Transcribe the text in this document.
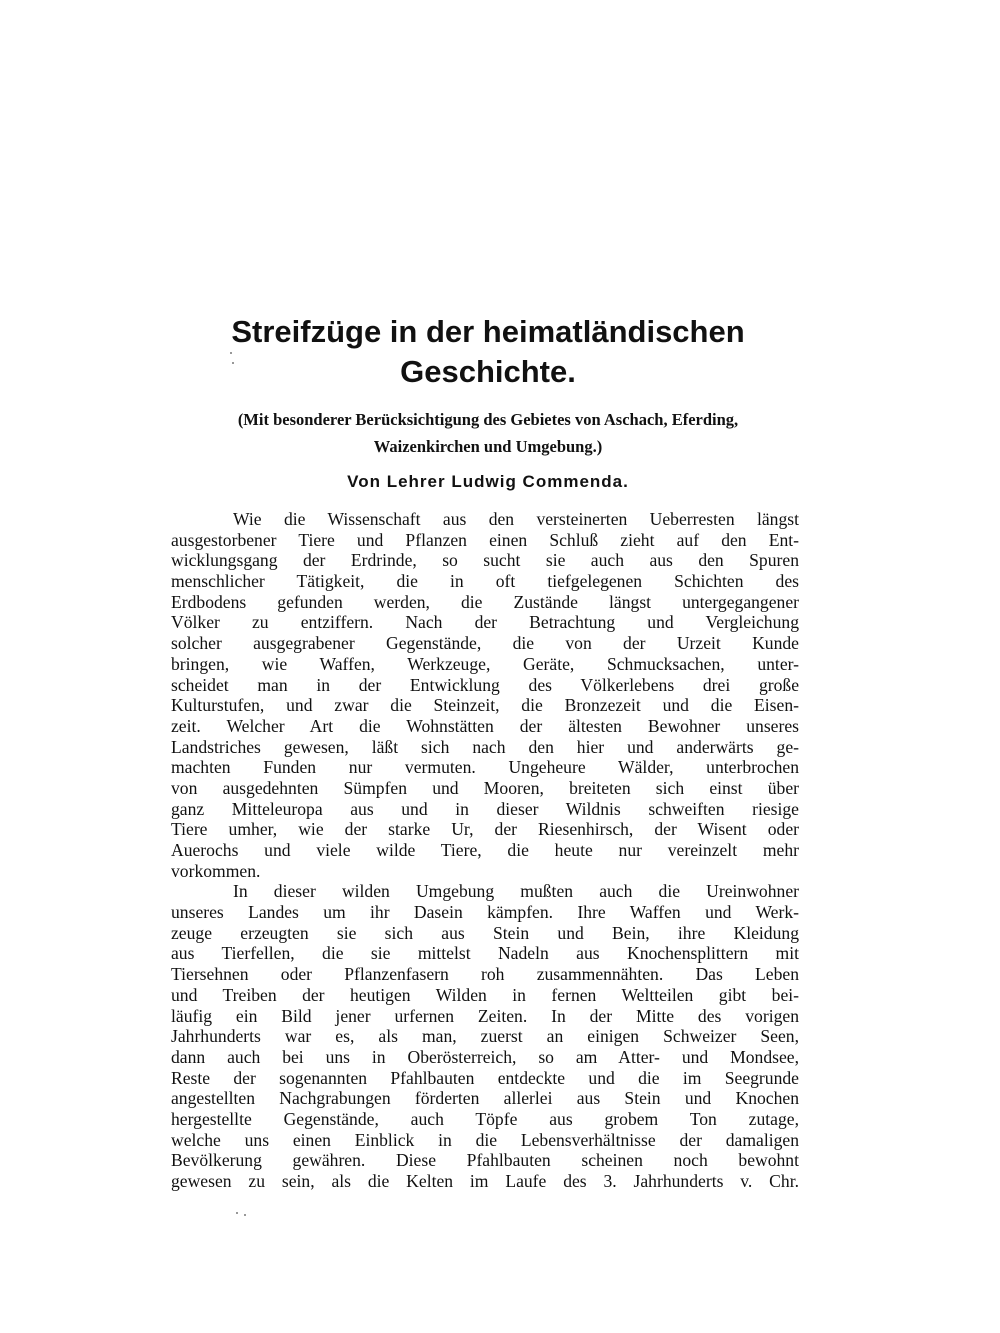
Streifzüge in der heimatländischen
Geschichte.
(Mit besonderer Berücksichtigung des Gebietes von Aschach, Eferding,
Waizenkirchen und Umgebung.)
Von Lehrer Ludwig Commenda.
Wie die Wissenschaft aus den versteinerten Ueberresten längst
ausgestorbener Tiere und Pflanzen einen Schluß zieht auf den Ent-
wicklungsgang der Erdrinde, so sucht sie auch aus den Spuren
menschlicher Tätigkeit, die in oft tiefgelegenen Schichten des
Erdbodens gefunden werden, die Zustände längst untergegangener
Völker zu entziffern. Nach der Betrachtung und Vergleichung
solcher ausgegrabener Gegenstände, die von der Urzeit Kunde
bringen, wie Waffen, Werkzeuge, Geräte, Schmucksachen, unter-
scheidet man in der Entwicklung des Völkerlebens drei große
Kulturstufen, und zwar die Steinzeit, die Bronzezeit und die Eisen-
zeit. Welcher Art die Wohnstätten der ältesten Bewohner unseres
Landstriches gewesen, läßt sich nach den hier und anderwärts ge-
machten Funden nur vermuten. Ungeheure Wälder, unterbrochen
von ausgedehnten Sümpfen und Mooren, breiteten sich einst über
ganz Mitteleuropa aus und in dieser Wildnis schweiften riesige
Tiere umher, wie der starke Ur, der Riesenhirsch, der Wisent oder
Auerochs und viele wilde Tiere, die heute nur vereinzelt mehr
vorkommen.
In dieser wilden Umgebung mußten auch die Ureinwohner
unseres Landes um ihr Dasein kämpfen. Ihre Waffen und Werk-
zeuge erzeugten sie sich aus Stein und Bein, ihre Kleidung
aus Tierfellen, die sie mittelst Nadeln aus Knochensplittern mit
Tiersehnen oder Pflanzenfasern roh zusammennähten. Das Leben
und Treiben der heutigen Wilden in fernen Weltteilen gibt bei-
läufig ein Bild jener urfernen Zeiten. In der Mitte des vorigen
Jahrhunderts war es, als man, zuerst an einigen Schweizer Seen,
dann auch bei uns in Oberösterreich, so am Atter- und Mondsee,
Reste der sogenannten Pfahlbauten entdeckte und die im Seegrunde
angestellten Nachgrabungen förderten allerlei aus Stein und Knochen
hergestellte Gegenstände, auch Töpfe aus grobem Ton zutage,
welche uns einen Einblick in die Lebensverhältnisse der damaligen
Bevölkerung gewähren. Diese Pfahlbauten scheinen noch bewohnt
gewesen zu sein, als die Kelten im Laufe des 3. Jahrhunderts v. Chr.
